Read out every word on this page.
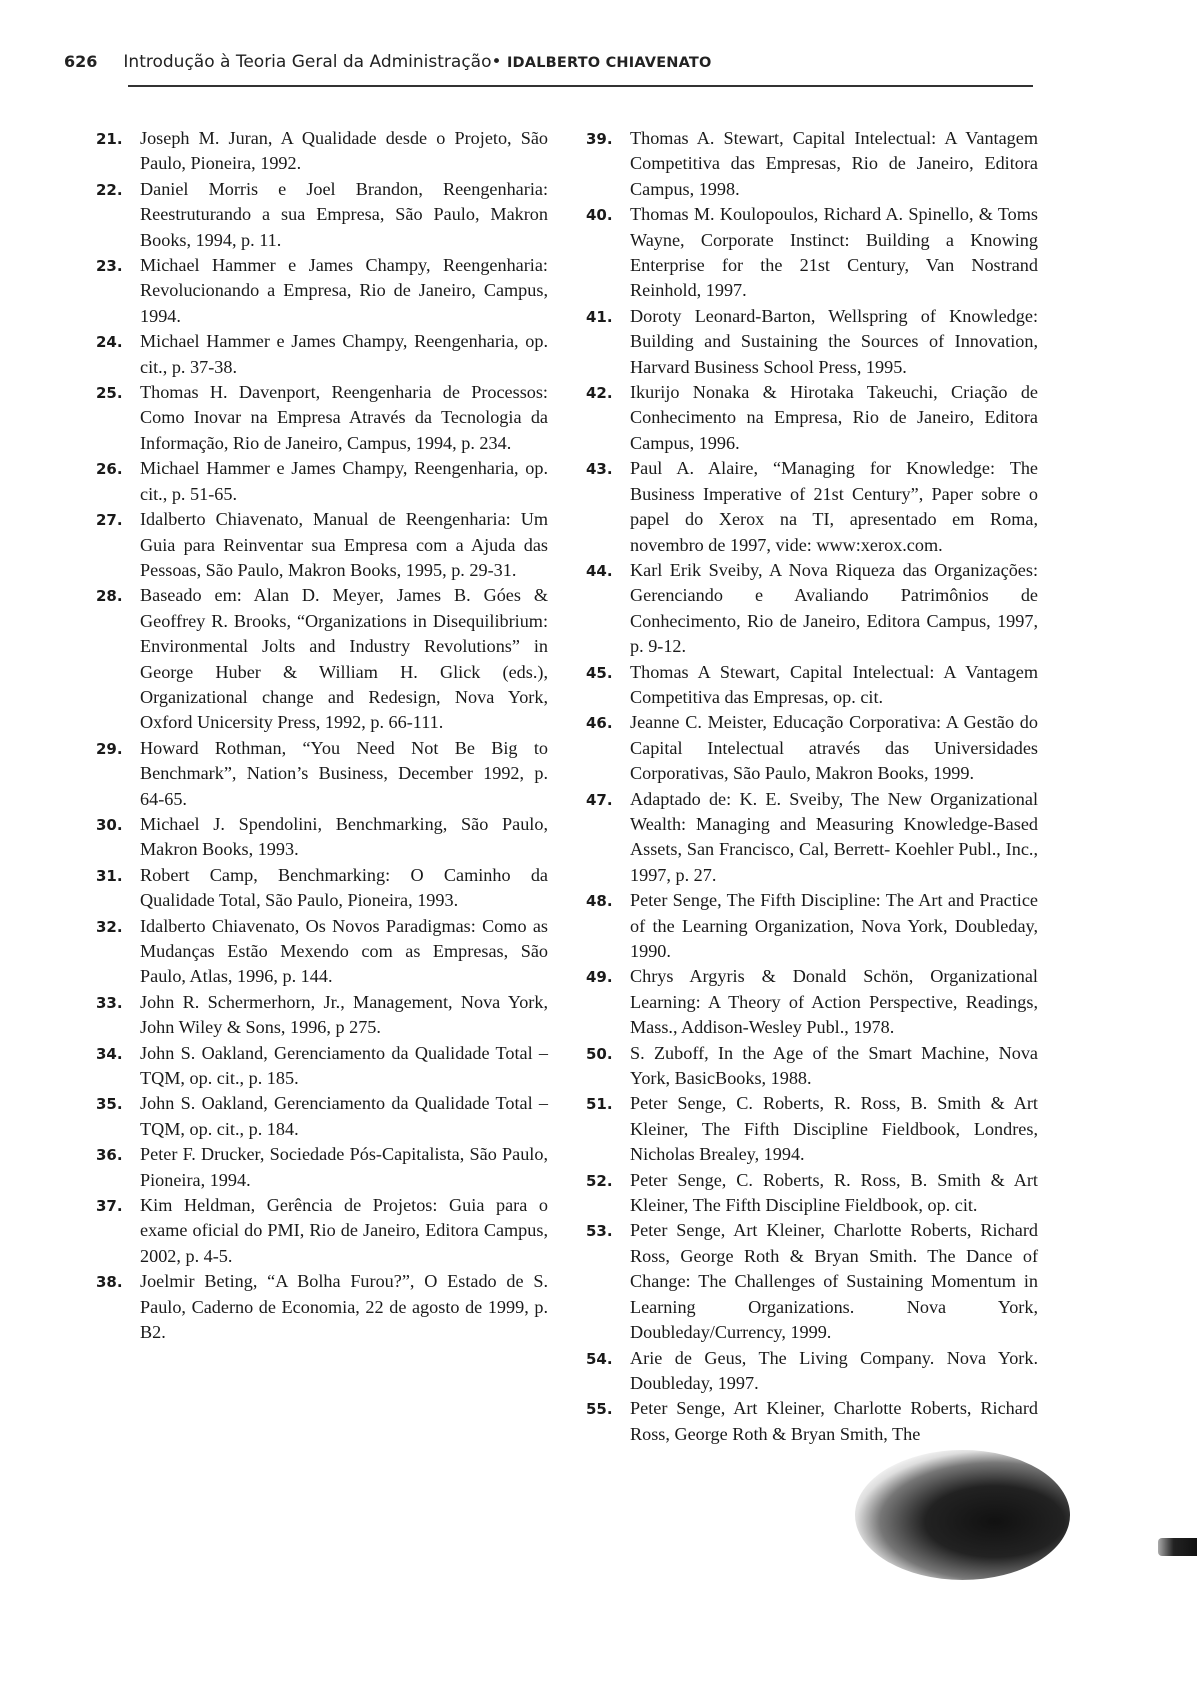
626 Introdução à Teoria Geral da Administração• IDALBERTO CHIAVENATO
21. Joseph M. Juran, A Qualidade desde o Projeto, São Paulo, Pioneira, 1992.
22. Daniel Morris e Joel Brandon, Reengenharia: Reestruturando a sua Empresa, São Paulo, Makron Books, 1994, p. 11.
23. Michael Hammer e James Champy, Reengenharia: Revolucionando a Empresa, Rio de Janeiro, Campus, 1994.
24. Michael Hammer e James Champy, Reengenharia, op. cit., p. 37-38.
25. Thomas H. Davenport, Reengenharia de Processos: Como Inovar na Empresa Através da Tecnologia da Informação, Rio de Janeiro, Campus, 1994, p. 234.
26. Michael Hammer e James Champy, Reengenharia, op. cit., p. 51-65.
27. Idalberto Chiavenato, Manual de Reengenharia: Um Guia para Reinventar sua Empresa com a Ajuda das Pessoas, São Paulo, Makron Books, 1995, p. 29-31.
28. Baseado em: Alan D. Meyer, James B. Góes & Geoffrey R. Brooks, “Organizations in Disequilibrium: Environmental Jolts and Industry Revolutions” in George Huber & William H. Glick (eds.), Organizational change and Redesign, Nova York, Oxford Unicersity Press, 1992, p. 66-111.
29. Howard Rothman, “You Need Not Be Big to Benchmark”, Nation’s Business, December 1992, p. 64-65.
30. Michael J. Spendolini, Benchmarking, São Paulo, Makron Books, 1993.
31. Robert Camp, Benchmarking: O Caminho da Qualidade Total, São Paulo, Pioneira, 1993.
32. Idalberto Chiavenato, Os Novos Paradigmas: Como as Mudanças Estão Mexendo com as Empresas, São Paulo, Atlas, 1996, p. 144.
33. John R. Schermerhorn, Jr., Management, Nova York, John Wiley & Sons, 1996, p 275.
34. John S. Oakland, Gerenciamento da Qualidade Total – TQM, op. cit., p. 185.
35. John S. Oakland, Gerenciamento da Qualidade Total – TQM, op. cit., p. 184.
36. Peter F. Drucker, Sociedade Pós-Capitalista, São Paulo, Pioneira, 1994.
37. Kim Heldman, Gerência de Projetos: Guia para o exame oficial do PMI, Rio de Janeiro, Editora Campus, 2002, p. 4-5.
38. Joelmir Beting, “A Bolha Furou?”, O Estado de S. Paulo, Caderno de Economia, 22 de agosto de 1999, p. B2.
39. Thomas A. Stewart, Capital Intelectual: A Vantagem Competitiva das Empresas, Rio de Janeiro, Editora Campus, 1998.
40. Thomas M. Koulopoulos, Richard A. Spinello, & Toms Wayne, Corporate Instinct: Building a Knowing Enterprise for the 21st Century, Van Nostrand Reinhold, 1997.
41. Doroty Leonard-Barton, Wellspring of Knowledge: Building and Sustaining the Sources of Innovation, Harvard Business School Press, 1995.
42. Ikurijo Nonaka & Hirotaka Takeuchi, Criação de Conhecimento na Empresa, Rio de Janeiro, Editora Campus, 1996.
43. Paul A. Alaire, “Managing for Knowledge: The Business Imperative of 21st Century”, Paper sobre o papel do Xerox na TI, apresentado em Roma, novembro de 1997, vide: www:xerox.com.
44. Karl Erik Sveiby, A Nova Riqueza das Organizações: Gerenciando e Avaliando Patrimônios de Conhecimento, Rio de Janeiro, Editora Campus, 1997, p. 9-12.
45. Thomas A Stewart, Capital Intelectual: A Vantagem Competitiva das Empresas, op. cit.
46. Jeanne C. Meister, Educação Corporativa: A Gestão do Capital Intelectual através das Universidades Corporativas, São Paulo, Makron Books, 1999.
47. Adaptado de: K. E. Sveiby, The New Organizational Wealth: Managing and Measuring Knowledge-Based Assets, San Francisco, Cal, Berrett- Koehler Publ., Inc., 1997, p. 27.
48. Peter Senge, The Fifth Discipline: The Art and Practice of the Learning Organization, Nova York, Doubleday, 1990.
49. Chrys Argyris & Donald Schön, Organizational Learning: A Theory of Action Perspective, Readings, Mass., Addison-Wesley Publ., 1978.
50. S. Zuboff, In the Age of the Smart Machine, Nova York, BasicBooks, 1988.
51. Peter Senge, C. Roberts, R. Ross, B. Smith & Art Kleiner, The Fifth Discipline Fieldbook, Londres, Nicholas Brealey, 1994.
52. Peter Senge, C. Roberts, R. Ross, B. Smith & Art Kleiner, The Fifth Discipline Fieldbook, op. cit.
53. Peter Senge, Art Kleiner, Charlotte Roberts, Richard Ross, George Roth & Bryan Smith. The Dance of Change: The Challenges of Sustaining Momentum in Learning Organizations. Nova York, Doubleday/Currency, 1999.
54. Arie de Geus, The Living Company. Nova York. Doubleday, 1997.
55. Peter Senge, Art Kleiner, Charlotte Roberts, Richard Ross, George Roth & Bryan Smith, The
